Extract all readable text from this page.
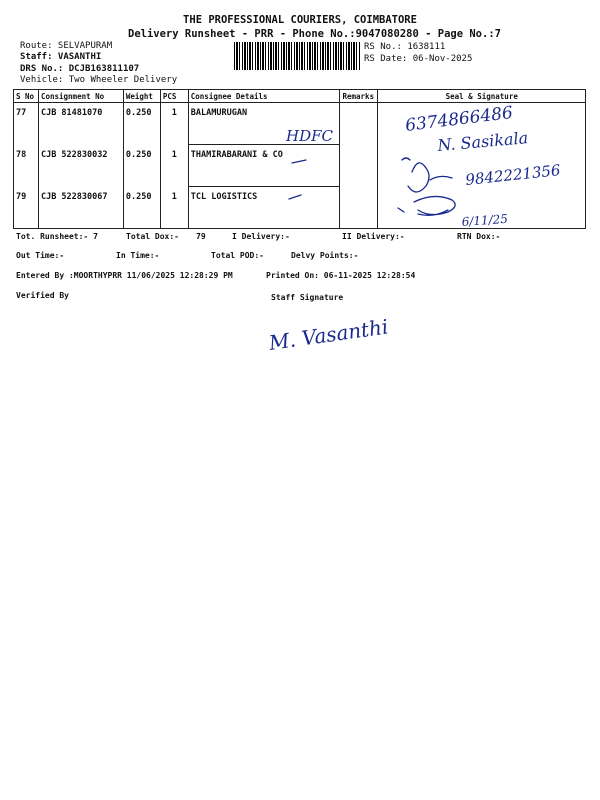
THE PROFESSIONAL COURIERS, COIMBATORE
Delivery Runsheet - PRR - Phone No.:9047080280 - Page No.:7
Route: SELVAPURAM
Staff: VASANTHI
DRS No.: DCJB163811107
Vehicle: Two Wheeler Delivery
RS No.: 1638111
RS Date: 06-Nov-2025
S No	Consignment No	Weight	PCS	Consignee Details	Remarks	Seal & Signature
77	CJB 81481070	0.250	1	BALAMURUGAN		
78	CJB 522830032	0.250	1	THAMIRABARANI & CO		
79	CJB 522830067	0.250	1	TCL LOGISTICS		
HDFC
6374866486
N. Sasikala
9842221356
6/11/25
M. Vasanthi
Tot. Runsheet:- 7	Total Dox:- 79	I Delivery:-	II Delivery:-	RTN Dox:-
Out Time:-	In Time:-	Total POD:-	Delvy Points:-
Entered By :MOORTHYPRR 11/06/2025 12:28:29 PM	Printed On: 06-11-2025 12:28:54
Verified By	Staff Signature
